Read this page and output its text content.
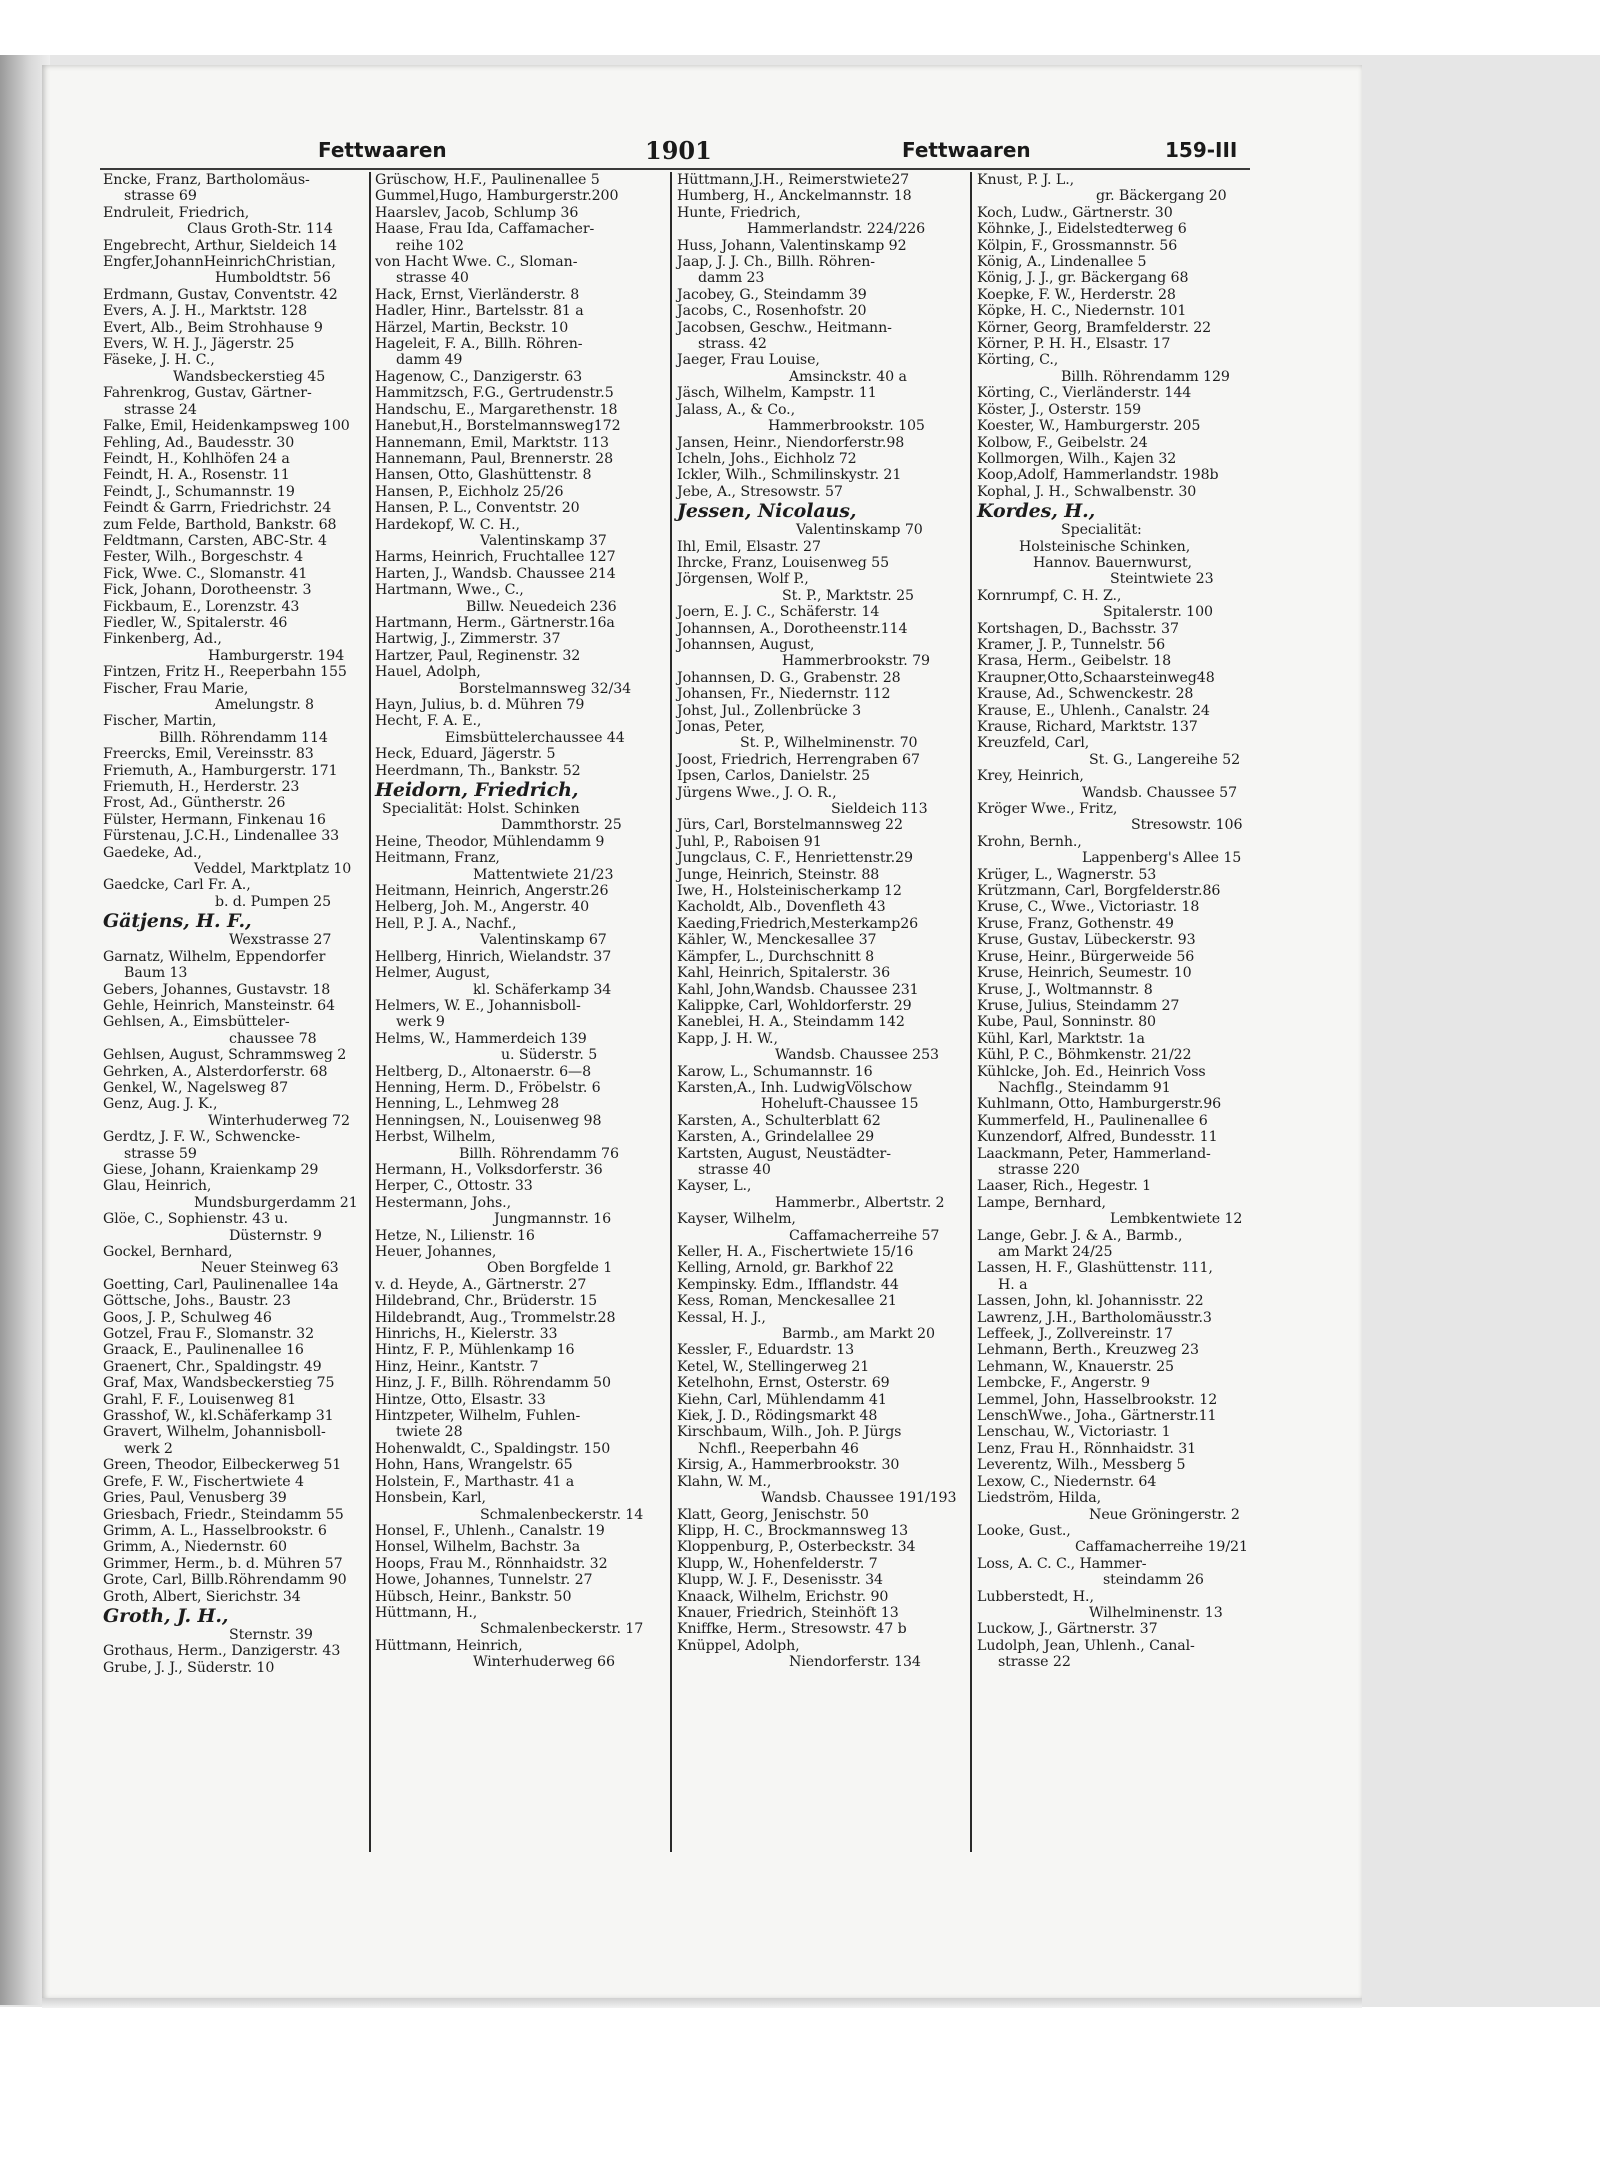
Fettwaaren	1901	Fettwaaren	159-III
Encke, Franz, Bartholomäus-
strasse 69
Endruleit, Friedrich,
Claus Groth-Str. 114
Engebrecht, Arthur, Sieldeich 14
Engfer,JohannHeinrichChristian,
Humboldtstr. 56
Erdmann, Gustav, Conventstr. 42
Evers, A. J. H., Marktstr. 128
Evert, Alb., Beim Strohhause 9
Evers, W. H. J., Jägerstr. 25
Fäseke, J. H. C.,
Wandsbeckerstieg 45
Fahrenkrog, Gustav, Gärtner-
strasse 24
Falke, Emil, Heidenkampsweg 100
Fehling, Ad., Baudesstr. 30
Feindt, H., Kohlhöfen 24 a
Feindt, H. A., Rosenstr. 11
Feindt, J., Schumannstr. 19
Feindt & Garrn, Friedrichstr. 24
zum Felde, Barthold, Bankstr. 68
Feldtmann, Carsten, ABC-Str. 4
Fester, Wilh., Borgeschstr. 4
Fick, Wwe. C., Slomanstr. 41
Fick, Johann, Dorotheenstr. 3
Fickbaum, E., Lorenzstr. 43
Fiedler, W., Spitalerstr. 46
Finkenberg, Ad.,
Hamburgerstr. 194
Fintzen, Fritz H., Reeperbahn 155
Fischer, Frau Marie,
Amelungstr. 8
Fischer, Martin,
Billh. Röhrendamm 114
Freercks, Emil, Vereinsstr. 83
Friemuth, A., Hamburgerstr. 171
Friemuth, H., Herderstr. 23
Frost, Ad., Güntherstr. 26
Fülster, Hermann, Finkenau 16
Fürstenau, J.C.H., Lindenallee 33
Gaedeke, Ad.,
Veddel, Marktplatz 10
Gaedcke, Carl Fr. A.,
b. d. Pumpen 25
Gätjens, H. F.,
Wexstrasse 27
Garnatz, Wilhelm, Eppendorfer
Baum 13
Gebers, Johannes, Gustavstr. 18
Gehle, Heinrich, Mansteinstr. 64
Gehlsen, A., Eimsbütteler-
chaussee 78
Gehlsen, August, Schrammsweg 2
Gehrken, A., Alsterdorferstr. 68
Genkel, W., Nagelsweg 87
Genz, Aug. J. K.,
Winterhuderweg 72
Gerdtz, J. F. W., Schwencke-
strasse 59
Giese, Johann, Kraienkamp 29
Glau, Heinrich,
Mundsburgerdamm 21
Glöe, C., Sophienstr. 43 u.
Düsternstr. 9
Gockel, Bernhard,
Neuer Steinweg 63
Goetting, Carl, Paulinenallee 14a
Göttsche, Johs., Baustr. 23
Goos, J. P., Schulweg 46
Gotzel, Frau F., Slomanstr. 32
Graack, E., Paulinenallee 16
Graenert, Chr., Spaldingstr. 49
Graf, Max, Wandsbeckerstieg 75
Grahl, F. F., Louisenweg 81
Grasshof, W., kl.Schäferkamp 31
Gravert, Wilhelm, Johannisboll-
werk 2
Green, Theodor, Eilbeckerweg 51
Grefe, F. W., Fischertwiete 4
Gries, Paul, Venusberg 39
Griesbach, Friedr., Steindamm 55
Grimm, A. L., Hasselbrookstr. 6
Grimm, A., Niedernstr. 60
Grimmer, Herm., b. d. Mühren 57
Grote, Carl, Billb.Röhrendamm 90
Groth, Albert, Sierichstr. 34
Groth, J. H.,
Sternstr. 39
Grothaus, Herm., Danzigerstr. 43
Grube, J. J., Süderstr. 10
Grüschow, H.F., Paulinenallee 5
Gummel,Hugo, Hamburgerstr.200
Haarslev, Jacob, Schlump 36
Haase, Frau Ida, Caffamacher-
reihe 102
von Hacht Wwe. C., Sloman-
strasse 40
Hack, Ernst, Vierländerstr. 8
Hadler, Hinr., Bartelsstr. 81 a
Härzel, Martin, Beckstr. 10
Hageleit, F. A., Billh. Röhren-
damm 49
Hagenow, C., Danzigerstr. 63
Hammitzsch, F.G., Gertrudenstr.5
Handschu, E., Margarethenstr. 18
Hanebut,H., Borstelmannsweg172
Hannemann, Emil, Marktstr. 113
Hannemann, Paul, Brennerstr. 28
Hansen, Otto, Glashüttenstr. 8
Hansen, P., Eichholz 25/26
Hansen, P. L., Conventstr. 20
Hardekopf, W. C. H.,
Valentinskamp 37
Harms, Heinrich, Fruchtallee 127
Harten, J., Wandsb. Chaussee 214
Hartmann, Wwe., C.,
Billw. Neuedeich 236
Hartmann, Herm., Gärtnerstr.16a
Hartwig, J., Zimmerstr. 37
Hartzer, Paul, Reginenstr. 32
Hauel, Adolph,
Borstelmannsweg 32/34
Hayn, Julius, b. d. Mühren 79
Hecht, F. A. E.,
Eimsbüttelerchaussee 44
Heck, Eduard, Jägerstr. 5
Heerdmann, Th., Bankstr. 52
Heidorn, Friedrich,
Specialität: Holst. Schinken
Dammthorstr. 25
Heine, Theodor, Mühlendamm 9
Heitmann, Franz,
Mattentwiete 21/23
Heitmann, Heinrich, Angerstr.26
Helberg, Joh. M., Angerstr. 40
Hell, P. J. A., Nachf.,
Valentinskamp 67
Hellberg, Hinrich, Wielandstr. 37
Helmer, August,
kl. Schäferkamp 34
Helmers, W. E., Johannisboll-
werk 9
Helms, W., Hammerdeich 139
u. Süderstr. 5
Heltberg, D., Altonaerstr. 6—8
Henning, Herm. D., Fröbelstr. 6
Henning, L., Lehmweg 28
Henningsen, N., Louisenweg 98
Herbst, Wilhelm,
Billh. Röhrendamm 76
Hermann, H., Volksdorferstr. 36
Herper, C., Ottostr. 33
Hestermann, Johs.,
Jungmannstr. 16
Hetze, N., Lilienstr. 16
Heuer, Johannes,
Oben Borgfelde 1
v. d. Heyde, A., Gärtnerstr. 27
Hildebrand, Chr., Brüderstr. 15
Hildebrandt, Aug., Trommelstr.28
Hinrichs, H., Kielerstr. 33
Hintz, F. P., Mühlenkamp 16
Hinz, Heinr., Kantstr. 7
Hinz, J. F., Billh. Röhrendamm 50
Hintze, Otto, Elsastr. 33
Hintzpeter, Wilhelm, Fuhlen-
twiete 28
Hohenwaldt, C., Spaldingstr. 150
Hohn, Hans, Wrangelstr. 65
Holstein, F., Marthastr. 41 a
Honsbein, Karl,
Schmalenbeckerstr. 14
Honsel, F., Uhlenh., Canalstr. 19
Honsel, Wilhelm, Bachstr. 3a
Hoops, Frau M., Rönnhaidstr. 32
Howe, Johannes, Tunnelstr. 27
Hübsch, Heinr., Bankstr. 50
Hüttmann, H.,
Schmalenbeckerstr. 17
Hüttmann, Heinrich,
Winterhuderweg 66
Hüttmann,J.H., Reimerstwiete27
Humberg, H., Anckelmannstr. 18
Hunte, Friedrich,
Hammerlandstr. 224/226
Huss, Johann, Valentinskamp 92
Jaap, J. J. Ch., Billh. Röhren-
damm 23
Jacobey, G., Steindamm 39
Jacobs, C., Rosenhofstr. 20
Jacobsen, Geschw., Heitmann-
strass. 42
Jaeger, Frau Louise,
Amsinckstr. 40 a
Jäsch, Wilhelm, Kampstr. 11
Jalass, A., & Co.,
Hammerbrookstr. 105
Jansen, Heinr., Niendorferstr.98
Icheln, Johs., Eichholz 72
Ickler, Wilh., Schmilinskystr. 21
Jebe, A., Stresowstr. 57
Jessen, Nicolaus,
Valentinskamp 70
Ihl, Emil, Elsastr. 27
Ihrcke, Franz, Louisenweg 55
Jörgensen, Wolf P.,
St. P., Marktstr. 25
Joern, E. J. C., Schäferstr. 14
Johannsen, A., Dorotheenstr.114
Johannsen, August,
Hammerbrookstr. 79
Johannsen, D. G., Grabenstr. 28
Johansen, Fr., Niedernstr. 112
Johst, Jul., Zollenbrücke 3
Jonas, Peter,
St. P., Wilhelminenstr. 70
Joost, Friedrich, Herrengraben 67
Ipsen, Carlos, Danielstr. 25
Jürgens Wwe., J. O. R.,
Sieldeich 113
Jürs, Carl, Borstelmannsweg 22
Juhl, P., Raboisen 91
Jungclaus, C. F., Henriettenstr.29
Junge, Heinrich, Steinstr. 88
Iwe, H., Holsteinischerkamp 12
Kacholdt, Alb., Dovenfleth 43
Kaeding,Friedrich,Mesterkamp26
Kähler, W., Menckesallee 37
Kämpfer, L., Durchschnitt 8
Kahl, Heinrich, Spitalerstr. 36
Kahl, John,Wandsb. Chaussee 231
Kalippke, Carl, Wohldorferstr. 29
Kaneblei, H. A., Steindamm 142
Kapp, J. H. W.,
Wandsb. Chaussee 253
Karow, L., Schumannstr. 16
Karsten,A., Inh. LudwigVölschow
Hoheluft-Chaussee 15
Karsten, A., Schulterblatt 62
Karsten, A., Grindelallee 29
Kartsten, August, Neustädter-
strasse 40
Kayser, L.,
Hammerbr., Albertstr. 2
Kayser, Wilhelm,
Caffamacherreihe 57
Keller, H. A., Fischertwiete 15/16
Kelling, Arnold, gr. Barkhof 22
Kempinsky. Edm., Ifflandstr. 44
Kess, Roman, Menckesallee 21
Kessal, H. J.,
Barmb., am Markt 20
Kessler, F., Eduardstr. 13
Ketel, W., Stellingerweg 21
Ketelhohn, Ernst, Osterstr. 69
Kiehn, Carl, Mühlendamm 41
Kiek, J. D., Rödingsmarkt 48
Kirschbaum, Wilh., Joh. P. Jürgs
Nchfl., Reeperbahn 46
Kirsig, A., Hammerbrookstr. 30
Klahn, W. M.,
Wandsb. Chaussee 191/193
Klatt, Georg, Jenischstr. 50
Klipp, H. C., Brockmannsweg 13
Kloppenburg, P., Osterbeckstr. 34
Klupp, W., Hohenfelderstr. 7
Klupp, W. J. F., Desenisstr. 34
Knaack, Wilhelm, Erichstr. 90
Knauer, Friedrich, Steinhöft 13
Kniffke, Herm., Stresowstr. 47 b
Knüppel, Adolph,
Niendorferstr. 134
Knust, P. J. L.,
gr. Bäckergang 20
Koch, Ludw., Gärtnerstr. 30
Köhnke, J., Eidelstedterweg 6
Kölpin, F., Grossmannstr. 56
König, A., Lindenallee 5
König, J. J., gr. Bäckergang 68
Koepke, F. W., Herderstr. 28
Köpke, H. C., Niedernstr. 101
Körner, Georg, Bramfelderstr. 22
Körner, P. H. H., Elsastr. 17
Körting, C.,
Billh. Röhrendamm 129
Körting, C., Vierländerstr. 144
Köster, J., Osterstr. 159
Koester, W., Hamburgerstr. 205
Kolbow, F., Geibelstr. 24
Kollmorgen, Wilh., Kajen 32
Koop,Adolf, Hammerlandstr. 198b
Kophal, J. H., Schwalbenstr. 30
Kordes, H.,
Specialität:
Holsteinische Schinken,
Hannov. Bauernwurst,
Steintwiete 23
Kornrumpf, C. H. Z.,
Spitalerstr. 100
Kortshagen, D., Bachsstr. 37
Kramer, J. P., Tunnelstr. 56
Krasa, Herm., Geibelstr. 18
Kraupner,Otto,Schaarsteinweg48
Krause, Ad., Schwenckestr. 28
Krause, E., Uhlenh., Canalstr. 24
Krause, Richard, Marktstr. 137
Kreuzfeld, Carl,
St. G., Langereihe 52
Krey, Heinrich,
Wandsb. Chaussee 57
Kröger Wwe., Fritz,
Stresowstr. 106
Krohn, Bernh.,
Lappenberg's Allee 15
Krüger, L., Wagnerstr. 53
Krützmann, Carl, Borgfelderstr.86
Kruse, C., Wwe., Victoriastr. 18
Kruse, Franz, Gothenstr. 49
Kruse, Gustav, Lübeckerstr. 93
Kruse, Heinr., Bürgerweide 56
Kruse, Heinrich, Seumestr. 10
Kruse, J., Woltmannstr. 8
Kruse, Julius, Steindamm 27
Kube, Paul, Sonninstr. 80
Kühl, Karl, Marktstr. 1a
Kühl, P. C., Böhmkenstr. 21/22
Kühlcke, Joh. Ed., Heinrich Voss
Nachflg., Steindamm 91
Kuhlmann, Otto, Hamburgerstr.96
Kummerfeld, H., Paulinenallee 6
Kunzendorf, Alfred, Bundesstr. 11
Laackmann, Peter, Hammerland-
strasse 220
Laaser, Rich., Hegestr. 1
Lampe, Bernhard,
Lembkentwiete 12
Lange, Gebr. J. & A., Barmb.,
am Markt 24/25
Lassen, H. F., Glashüttenstr. 111,
H. a
Lassen, John, kl. Johannisstr. 22
Lawrenz, J.H., Bartholomäusstr.3
Leffeek, J., Zollvereinstr. 17
Lehmann, Berth., Kreuzweg 23
Lehmann, W., Knauerstr. 25
Lembcke, F., Angerstr. 9
Lemmel, John, Hasselbrookstr. 12
LenschWwe., Joha., Gärtnerstr.11
Lenschau, W., Victoriastr. 1
Lenz, Frau H., Rönnhaidstr. 31
Leverentz, Wilh., Messberg 5
Lexow, C., Niedernstr. 64
Liedström, Hilda,
Neue Gröningerstr. 2
Looke, Gust.,
Caffamacherreihe 19/21
Loss, A. C. C., Hammer-
steindamm 26
Lubberstedt, H.,
Wilhelminenstr. 13
Luckow, J., Gärtnerstr. 37
Ludolph, Jean, Uhlenh., Canal-
strasse 22
